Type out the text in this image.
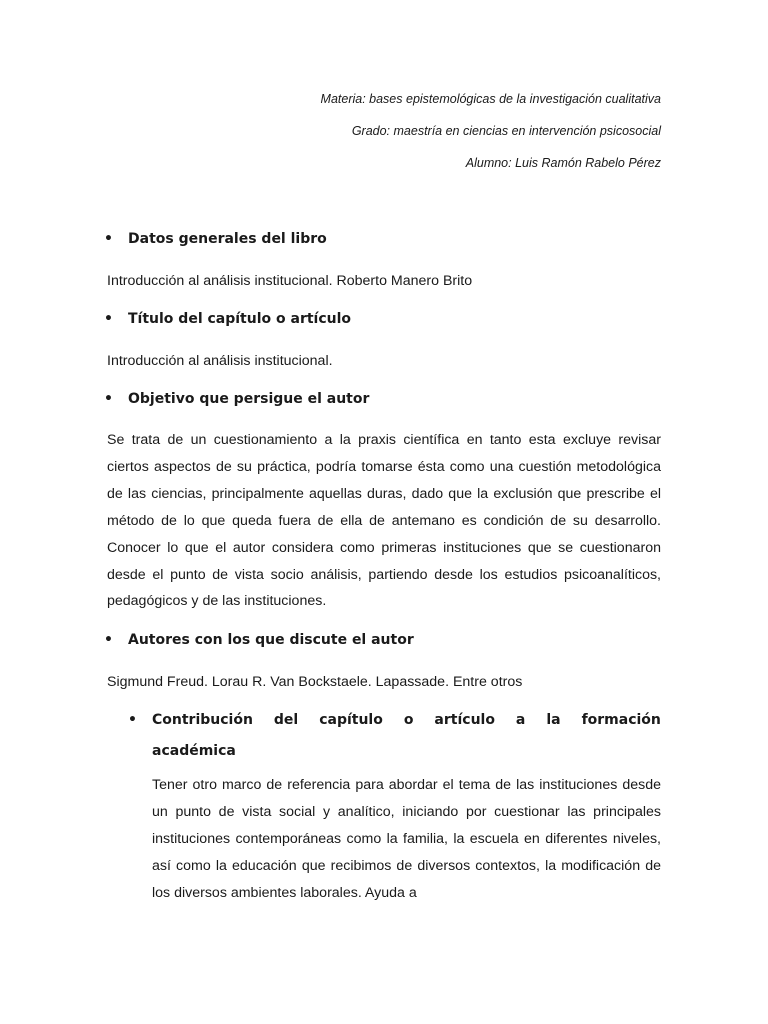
Materia: bases epistemológicas de la investigación cualitativa
Grado: maestría en ciencias en intervención psicosocial
Alumno: Luis Ramón Rabelo Pérez
• Datos generales del libro
Introducción al análisis institucional. Roberto Manero Brito
• Título del capítulo o artículo
Introducción al análisis institucional.
• Objetivo que persigue el autor
Se trata de un cuestionamiento a la praxis científica en tanto esta excluye revisar ciertos aspectos de su práctica, podría tomarse ésta como una cuestión metodológica de las ciencias, principalmente aquellas duras, dado que la exclusión que prescribe el método de lo que queda fuera de ella de antemano es condición de su desarrollo. Conocer lo que el autor considera como primeras instituciones que se cuestionaron desde el punto de vista socio análisis, partiendo desde los estudios psicoanalíticos, pedagógicos y de las instituciones.
• Autores con los que discute el autor
Sigmund Freud. Lorau R. Van Bockstaele. Lapassade. Entre otros
• Contribución del capítulo o artículo a la formación
académica
Tener otro marco de referencia para abordar el tema de las instituciones desde un punto de vista social y analítico, iniciando por cuestionar las principales instituciones contemporáneas como la familia, la escuela en diferentes niveles, así como la educación que recibimos de diversos contextos, la modificación de los diversos ambientes laborales. Ayuda a
